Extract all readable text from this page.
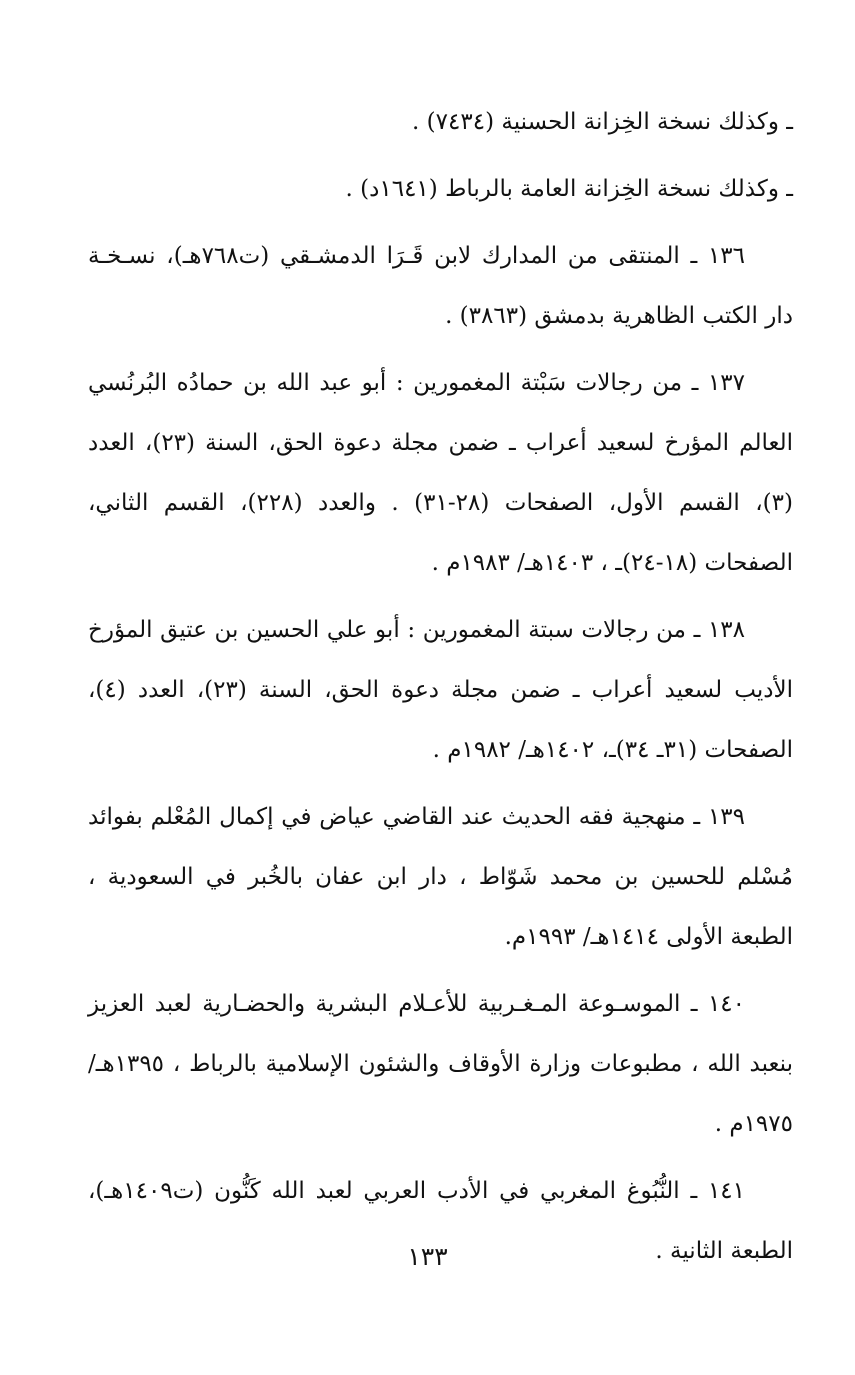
ـ وكذلك نسخة الخِزانة الحسنية (٧٤٣٤) .

ـ وكذلك نسخة الخِزانة العامة بالرباط (١٦٤١د) .

١٣٦ ـ المنتقى من المدارك لابن قَـرَا الدمشـقي (ت٧٦٨هـ)، نسـخـة دار الكتب الظاهرية بدمشق (٣٨٦٣) .

١٣٧ ـ من رجالات سَبْتة المغمورين : أبو عبد الله بن حمادُه البُرنُسي العالم المؤرخ لسعيد أعراب ـ ضمن مجلة دعوة الحق، السنة (٢٣)، العدد (٣)، القسم الأول، الصفحات (٢٨-٣١) . والعدد (٢٢٨)، القسم الثاني، الصفحات (١٨-٢٤)ـ ، ١٤٠٣هـ/ ١٩٨٣م .

١٣٨ ـ من رجالات سبتة المغمورين : أبو علي الحسين بن عتيق المؤرخ الأديب لسعيد أعراب ـ ضمن مجلة دعوة الحق، السنة (٢٣)، العدد (٤)، الصفحات (٣١ـ ٣٤)ـ، ١٤٠٢هـ/ ١٩٨٢م .

١٣٩ ـ منهجية فقه الحديث عند القاضي عياض في إكمال المُعْلم بفوائد مُسْلم للحسين بن محمد شَوّاط ، دار ابن عفان بالخُبر في السعودية ، الطبعة الأولى ١٤١٤هـ/ ١٩٩٣م.

١٤٠ ـ الموسـوعة المـغـربية للأعـلام البشرية والحضـارية لعبد العزيز بنعبد الله ، مطبوعات وزارة الأوقاف والشئون الإسلامية بالرباط ، ١٣٩٥هـ/ ١٩٧٥م .

١٤١ ـ النُّبُوغ المغربي في الأدب العربي لعبد الله كَنُّون (ت١٤٠٩هـ)، الطبعة الثانية .

١٣٣
